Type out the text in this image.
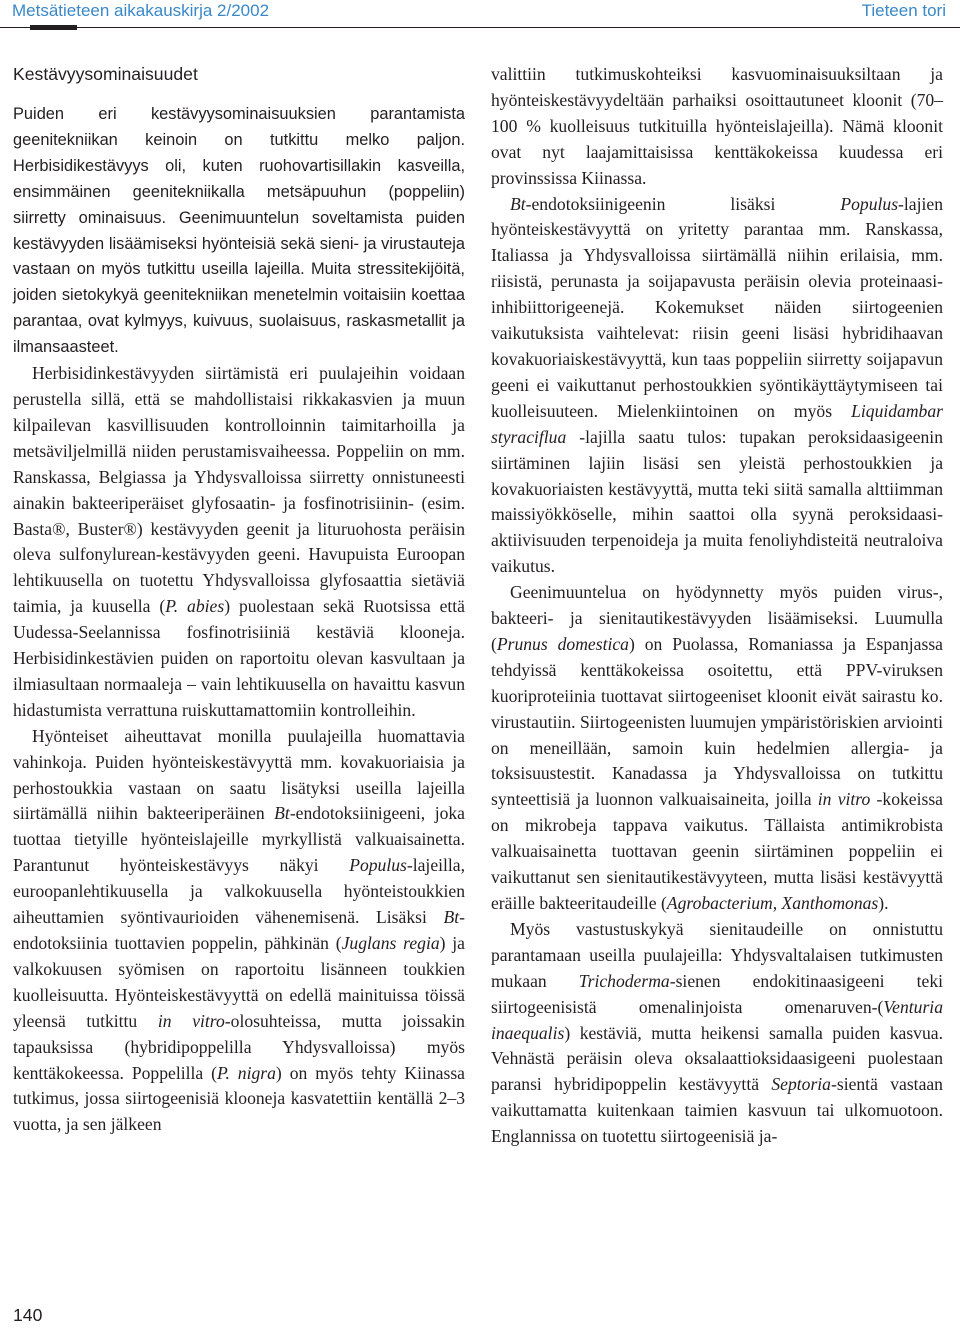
Metsätieteen aikakauskirja 2/2002	Tieteen tori
Kestävyysominaisuudet

Puiden eri kestävyysominaisuuksien parantamista geenitekniikan keinoin on tutkittu melko paljon. Herbisidikestävyys oli, kuten ruohovartisillakin kasveilla, ensimmäinen geenitekniikalla metsäpuuhun (poppeliin) siirretty ominaisuus. Geenimuuntelun soveltamista puiden kestävyyden lisäämiseksi hyönteisiä sekä sieni- ja virustauteja vastaan on myös tutkittu useilla lajeilla. Muita stressitekijöitä, joiden sietokykyä geenitekniikan menetelmin voitaisiin koettaa parantaa, ovat kylmyys, kuivuus, suolaisuus, raskasmetallit ja ilmansaasteet.

Herbisidinkestävyyden siirtämistä eri puulajeihin voidaan perustella sillä, että se mahdollistaisi rikkakasvien ja muun kilpailevan kasvillisuuden kontrolloinnin taimitarhoilla ja metsäviljelmillä niiden perustamisvaiheessa. Poppeliin on mm. Ranskassa, Belgiassa ja Yhdysvalloissa siirretty onnistuneesti ainakin bakteeriperäiset glyfosaatin- ja fosfinotrisiinin- (esim. Basta®, Buster®) kestävyyden geenit ja lituruohosta peräisin oleva sulfonylurean-kestävyyden geeni. Havupuista Euroopan lehtikuusella on tuotettu Yhdysvalloissa glyfosaattia sietäviä taimia, ja kuusella (P. abies) puolestaan sekä Ruotsissa että Uudessa-Seelannissa fosfinotrisiiniä kestäviä klooneja. Herbisidinkestävien puiden on raportoitu olevan kasvultaan ja ilmiasultaan normaaleja – vain lehtikuusella on havaittu kasvun hidastumista verrattuna ruiskuttamattomiin kontrolleihin.

Hyönteiset aiheuttavat monilla puulajeilla huomattavia vahinkoja. Puiden hyönteiskestävyyttä mm. kovakuoriaisia ja perhostoukkia vastaan on saatu lisätyksi useilla lajeilla siirtämällä niihin bakteeriperäinen Bt-endotoksiinigeeni, joka tuottaa tietyille hyönteislajeille myrkyllistä valkuaisainetta. Parantunut hyönteiskestävyys näkyi Populus-lajeilla, euroopanlehtikuusella ja valkokuusella hyönteistoukkien aiheuttamien syöntivaurioiden vähenemisenä. Lisäksi Bt-endotoksiinia tuottavien poppelin, pähkinän (Juglans regia) ja valkokuusen syömisen on raportoitu lisänneen toukkien kuolleisuutta. Hyönteiskestävyyttä on edellä mainituissa töissä yleensä tutkittu in vitro-olosuhteissa, mutta joissakin tapauksissa (hybridipoppelilla Yhdysvalloissa) myös kenttäkokeessa. Poppelilla (P. nigra) on myös tehty Kiinassa tutkimus, jossa siirtogeenisiä klooneja kasvatettiin kentällä 2–3 vuotta, ja sen jälkeen

valittiin tutkimuskohteiksi kasvuominaisuuksiltaan ja hyönteiskestävyydeltään parhaiksi osoittautuneet kloonit (70–100 % kuolleisuus tutkituilla hyönteislajeilla). Nämä kloonit ovat nyt laajamittaisissa kenttäkokeissa kuudessa eri provinssissa Kiinassa.

Bt-endotoksiinigeenin lisäksi Populus-lajien hyönteiskestävyyttä on yritetty parantaa mm. Ranskassa, Italiassa ja Yhdysvalloissa siirtämällä niihin erilaisia, mm. riisistä, perunasta ja soijapavusta peräisin olevia proteinaasi-inhibiittorigeenejä. Kokemukset näiden siirtogeenien vaikutuksista vaihtelevat: riisin geeni lisäsi hybridihaavan kovakuoriaiskestävyyttä, kun taas poppeliin siirretty soijapavun geeni ei vaikuttanut perhostoukkien syöntikäyttäytymiseen tai kuolleisuuteen. Mielenkiintoinen on myös Liquidambar styraciflua -lajilla saatu tulos: tupakan peroksidaasigeenin siirtäminen lajiin lisäsi sen yleistä perhostoukkien ja kovakuoriaisten kestävyyttä, mutta teki siitä samalla alttiimman maissiyökköselle, mihin saattoi olla syynä peroksidaasi-aktiivisuuden terpenoideja ja muita fenoliyhdisteitä neutraloiva vaikutus.

Geenimuuntelua on hyödynnetty myös puiden virus-, bakteeri- ja sienitautikestävyyden lisäämiseksi. Luumulla (Prunus domestica) on Puolassa, Romaniassa ja Espanjassa tehdyissä kenttäkokeissa osoitettu, että PPV-viruksen kuoriproteiinia tuottavat siirtogeeniset kloonit eivät sairastu ko. virustautiin. Siirtogeenisten luumujen ympäristöriskien arviointi on meneillään, samoin kuin hedelmien allergia- ja toksisuustestit. Kanadassa ja Yhdysvalloissa on tutkittu synteettisiä ja luonnon valkuaisaineita, joilla in vitro -kokeissa on mikrobeja tappava vaikutus. Tällaista antimikrobista valkuaisainetta tuottavan geenin siirtäminen poppeliin ei vaikuttanut sen sienitautikestävyyteen, mutta lisäsi kestävyyttä eräille bakteeritaudeille (Agrobacterium, Xanthomonas).

Myös vastustuskykyä sienitaudeille on onnistuttu parantamaan useilla puulajeilla: Yhdysvaltalaisen tutkimusten mukaan Trichoderma-sienen endokitinaasigeeni teki siirtogeenisistä omenalinjoista omenaruven-(Venturia inaequalis) kestäviä, mutta heikensi samalla puiden kasvua. Vehnästä peräisin oleva oksalaattioksidaasigeeni puolestaan paransi hybridipoppelin kestävyyttä Septoria-sientä vastaan vaikuttamatta kuitenkaan taimien kasvuun tai ulkomuotoon. Englannissa on tuotettu siirtogeenisiä ja-

140
